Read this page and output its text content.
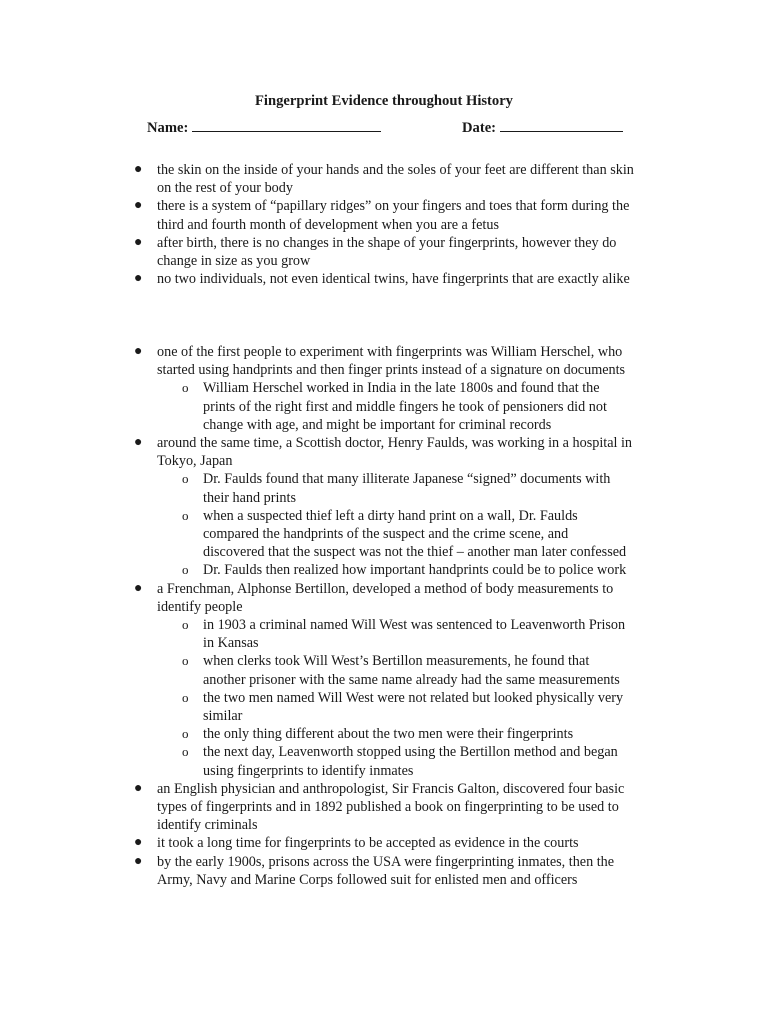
Fingerprint Evidence throughout History
Name:	Date:
● the skin on the inside of your hands and the soles of your feet are different than skin on the rest of your body
● there is a system of “papillary ridges” on your fingers and toes that form during the third and fourth month of development when you are a fetus
● after birth, there is no changes in the shape of your fingerprints, however they do change in size as you grow
● no two individuals, not even identical twins, have fingerprints that are exactly alike
● one of the first people to experiment with fingerprints was William Herschel, who started using handprints and then finger prints instead of a signature on documents
o William Herschel worked in India in the late 1800s and found that the prints of the right first and middle fingers he took of pensioners did not change with age, and might be important for criminal records
● around the same time, a Scottish doctor, Henry Faulds, was working in a hospital in Tokyo, Japan
o Dr. Faulds found that many illiterate Japanese “signed” documents with their hand prints
o when a suspected thief left a dirty hand print on a wall, Dr. Faulds compared the handprints of the suspect and the crime scene, and discovered that the suspect was not the thief – another man later confessed
o Dr. Faulds then realized how important handprints could be to police work
● a Frenchman, Alphonse Bertillon, developed a method of body measurements to identify people
o in 1903 a criminal named Will West was sentenced to Leavenworth Prison in Kansas
o when clerks took Will West’s Bertillon measurements, he found that another prisoner with the same name already had the same measurements
o the two men named Will West were not related but looked physically very similar
o the only thing different about the two men were their fingerprints
o the next day, Leavenworth stopped using the Bertillon method and began using fingerprints to identify inmates
● an English physician and anthropologist, Sir Francis Galton, discovered four basic types of fingerprints and in 1892 published a book on fingerprinting to be used to identify criminals
● it took a long time for fingerprints to be accepted as evidence in the courts
● by the early 1900s, prisons across the USA were fingerprinting inmates, then the Army, Navy and Marine Corps followed suit for enlisted men and officers
